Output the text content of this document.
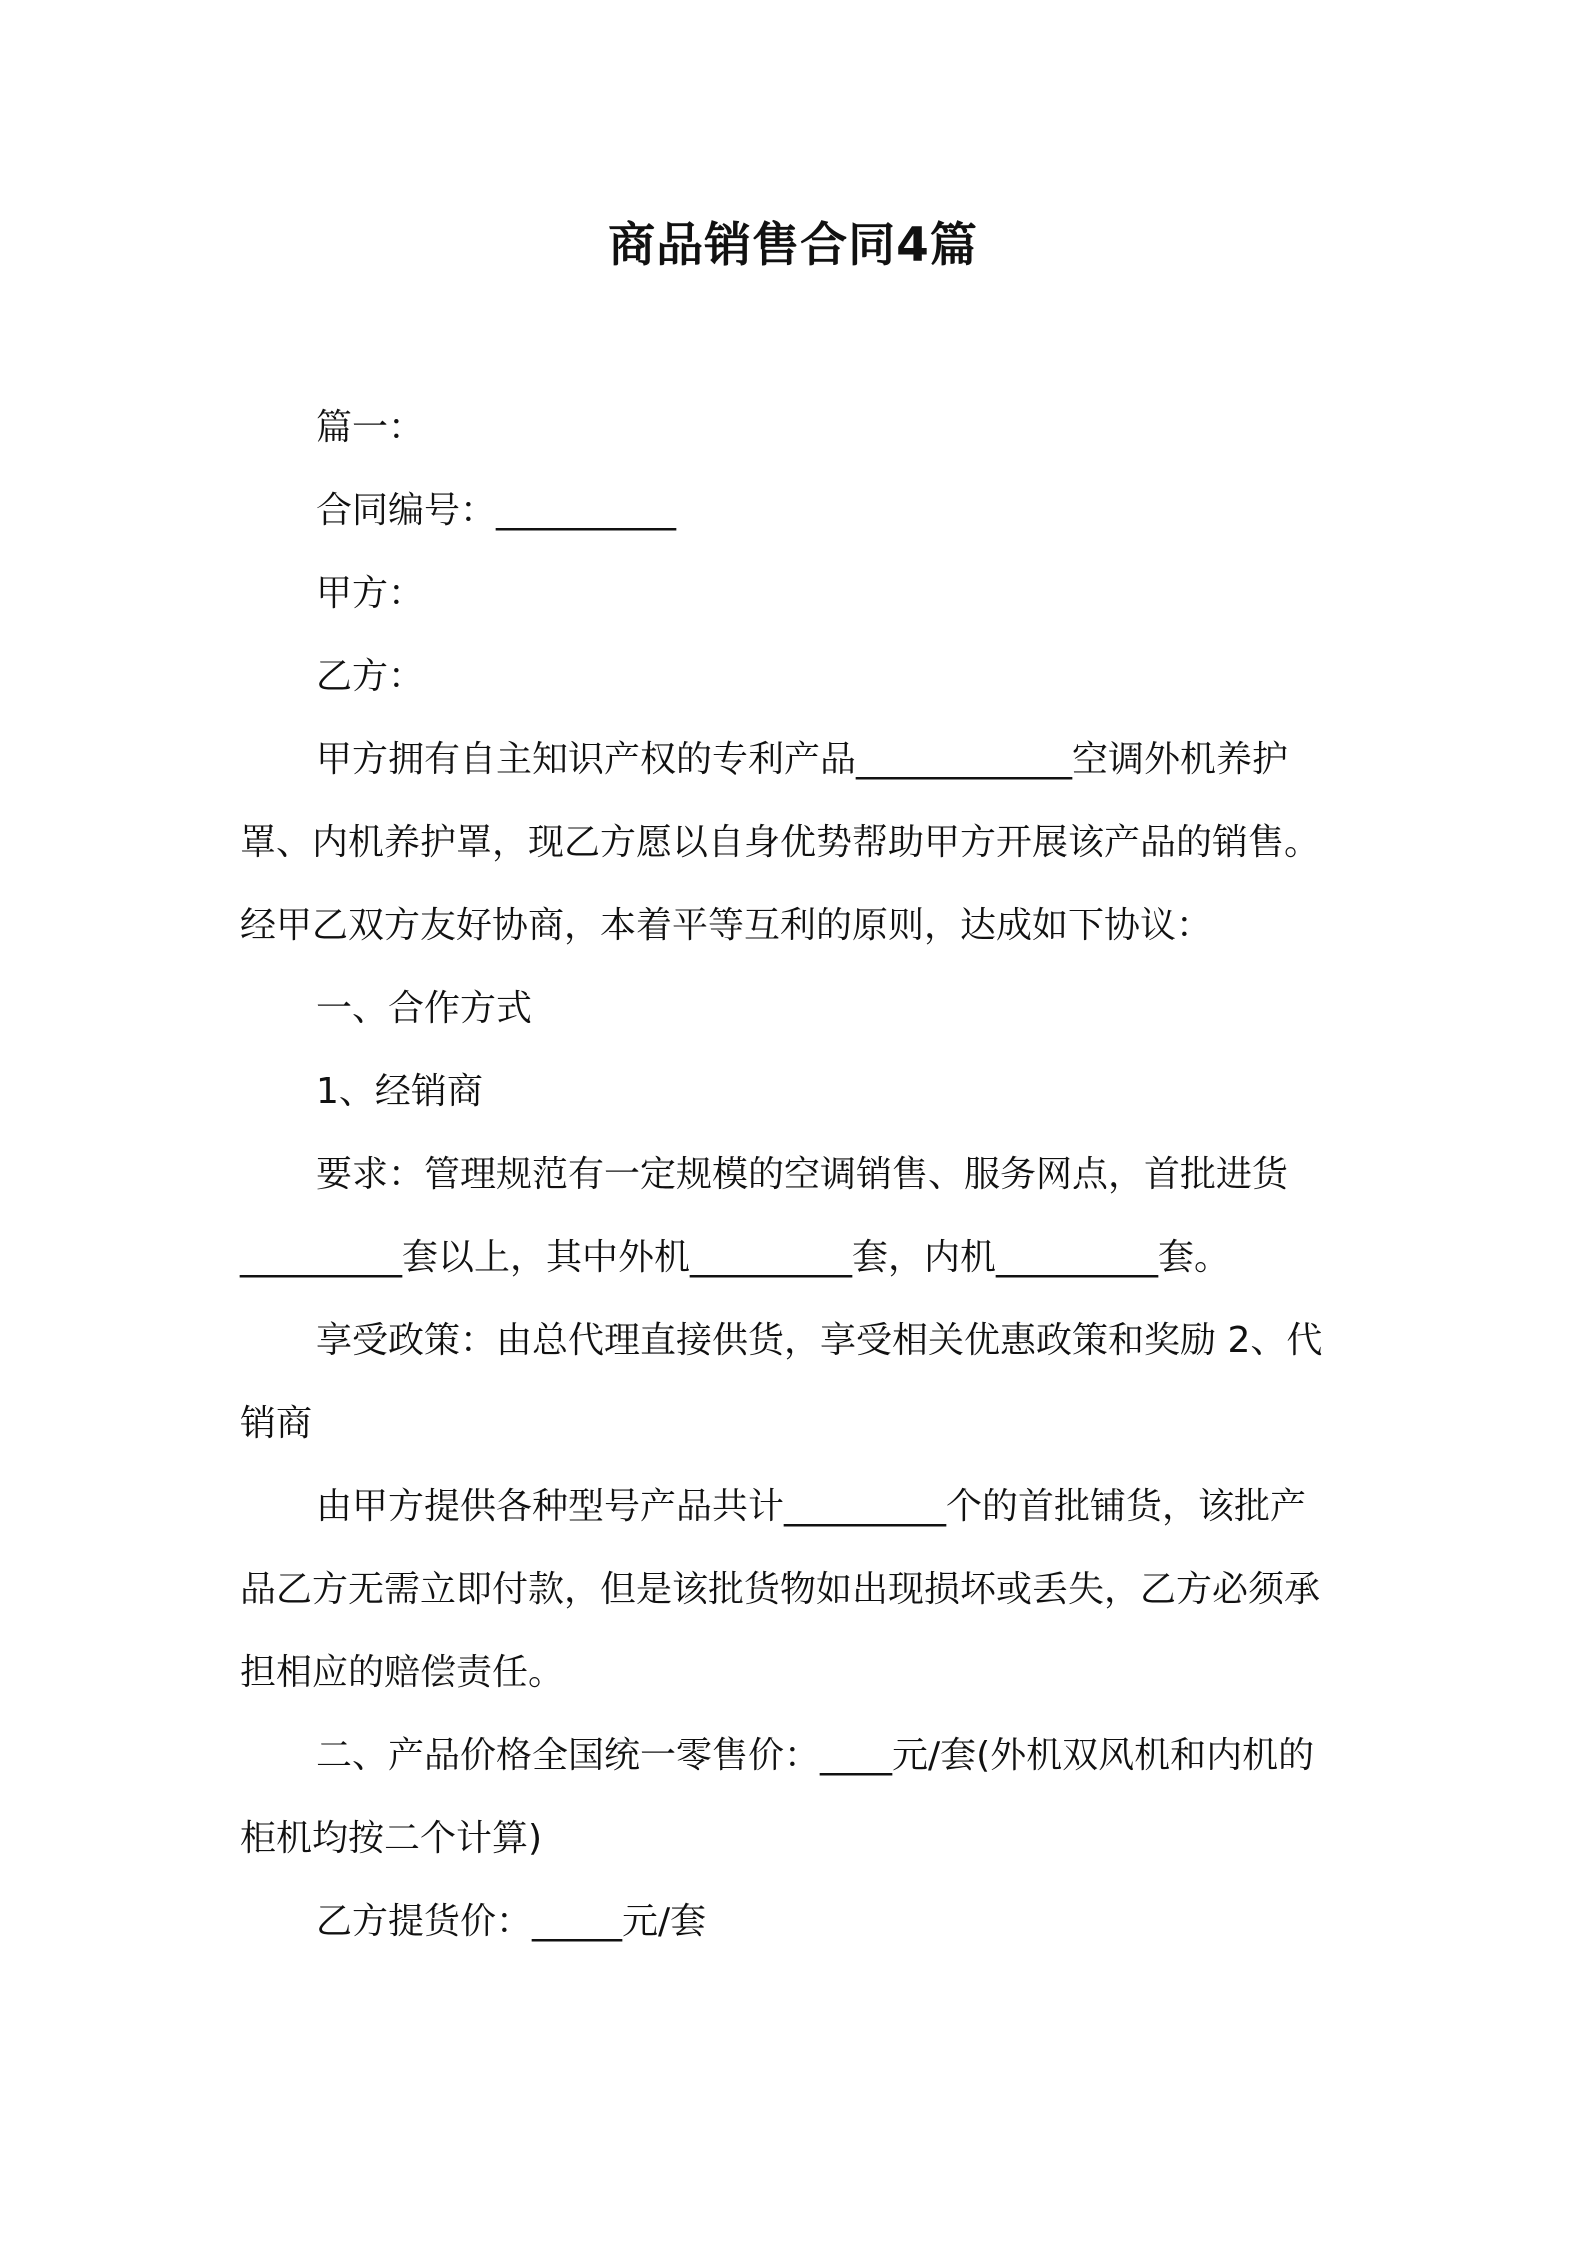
商品销售合同4篇
篇一：
合同编号：__________
甲方：
乙方：
甲方拥有自主知识产权的专利产品____________空调外机养护
罩、内机养护罩，现乙方愿以自身优势帮助甲方开展该产品的销售。
经甲乙双方友好协商，本着平等互利的原则，达成如下协议：
一、合作方式
1、经销商
要求：管理规范有一定规模的空调销售、服务网点，首批进货
_________套以上，其中外机_________套，内机_________套。
享受政策：由总代理直接供货，享受相关优惠政策和奖励 2、代
销商
由甲方提供各种型号产品共计_________个的首批铺货，该批产
品乙方无需立即付款，但是该批货物如出现损坏或丢失，乙方必须承
担相应的赔偿责任。
二、产品价格全国统一零售价：____元/套(外机双风机和内机的
柜机均按二个计算)
乙方提货价：_____元/套
